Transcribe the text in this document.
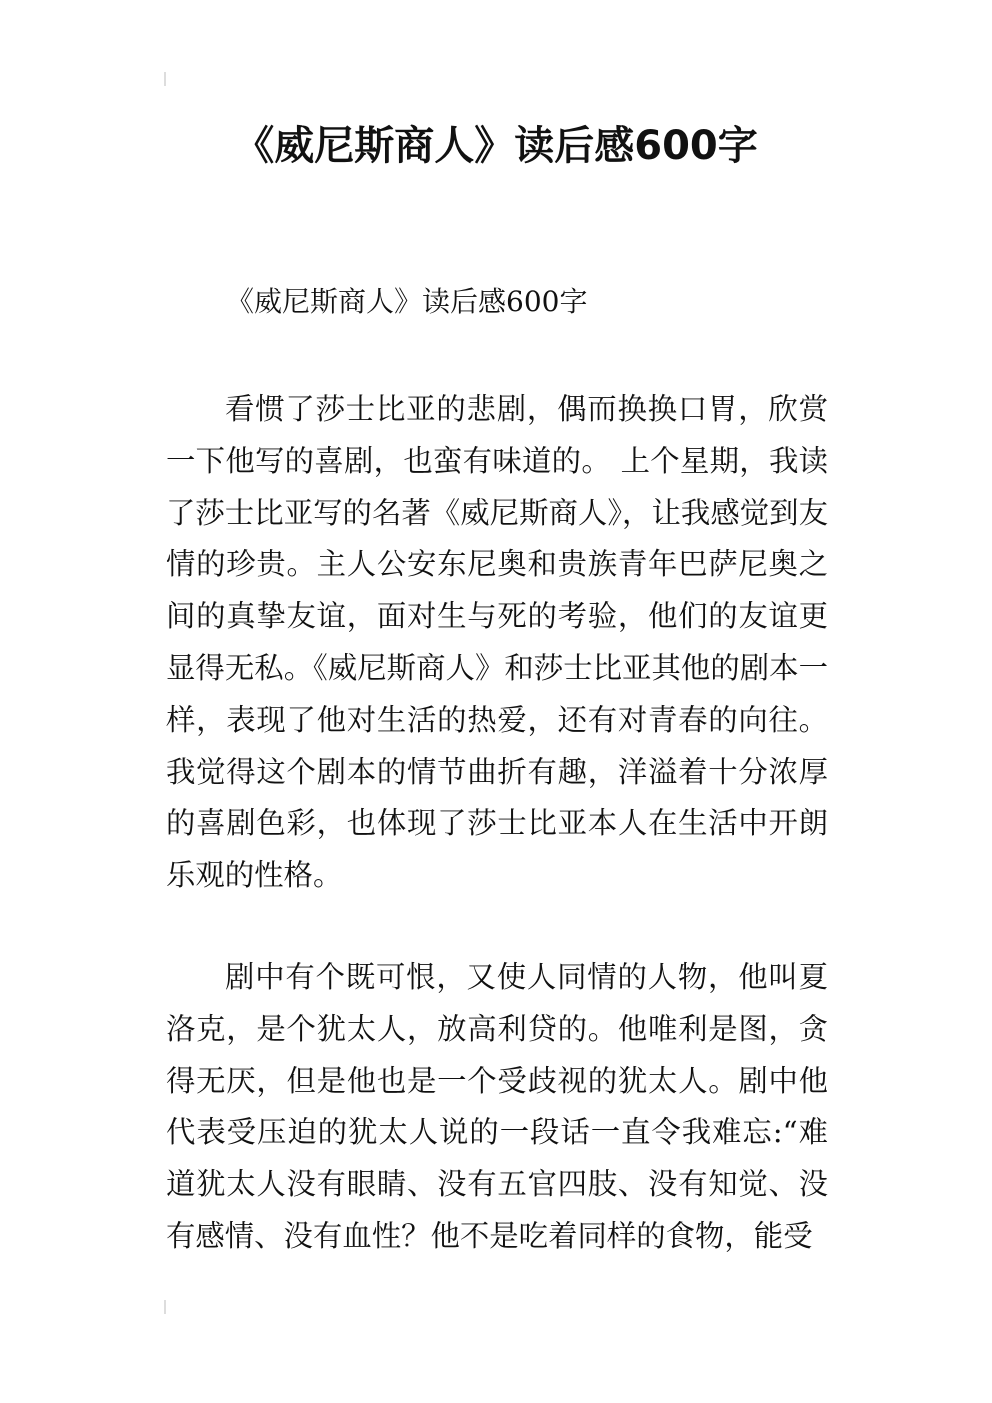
《威尼斯商人》读后感600字
《威尼斯商人》读后感600字

看惯了莎士比亚的悲剧，偶而换换口胃，欣赏一下他写的喜剧，也蛮有味道的。 上个星期，我读了莎士比亚写的名著《威尼斯商人》，让我感觉到友情的珍贵。主人公安东尼奥和贵族青年巴萨尼奥之间的真挚友谊，面对生与死的考验，他们的友谊更显得无私。《威尼斯商人》和莎士比亚其他的剧本一样，表现了他对生活的热爱，还有对青春的向往。我觉得这个剧本的情节曲折有趣，洋溢着十分浓厚的喜剧色彩，也体现了莎士比亚本人在生活中开朗乐观的性格。

剧中有个既可恨，又使人同情的人物，他叫夏洛克，是个犹太人，放高利贷的。他唯利是图，贪得无厌，但是他也是一个受歧视的犹太人。剧中他代表受压迫的犹太人说的一段话一直令我难忘:“难道犹太人没有眼睛、没有五官四肢、没有知觉、没有感情、没有血性？他不是吃着同样的食物，能受
